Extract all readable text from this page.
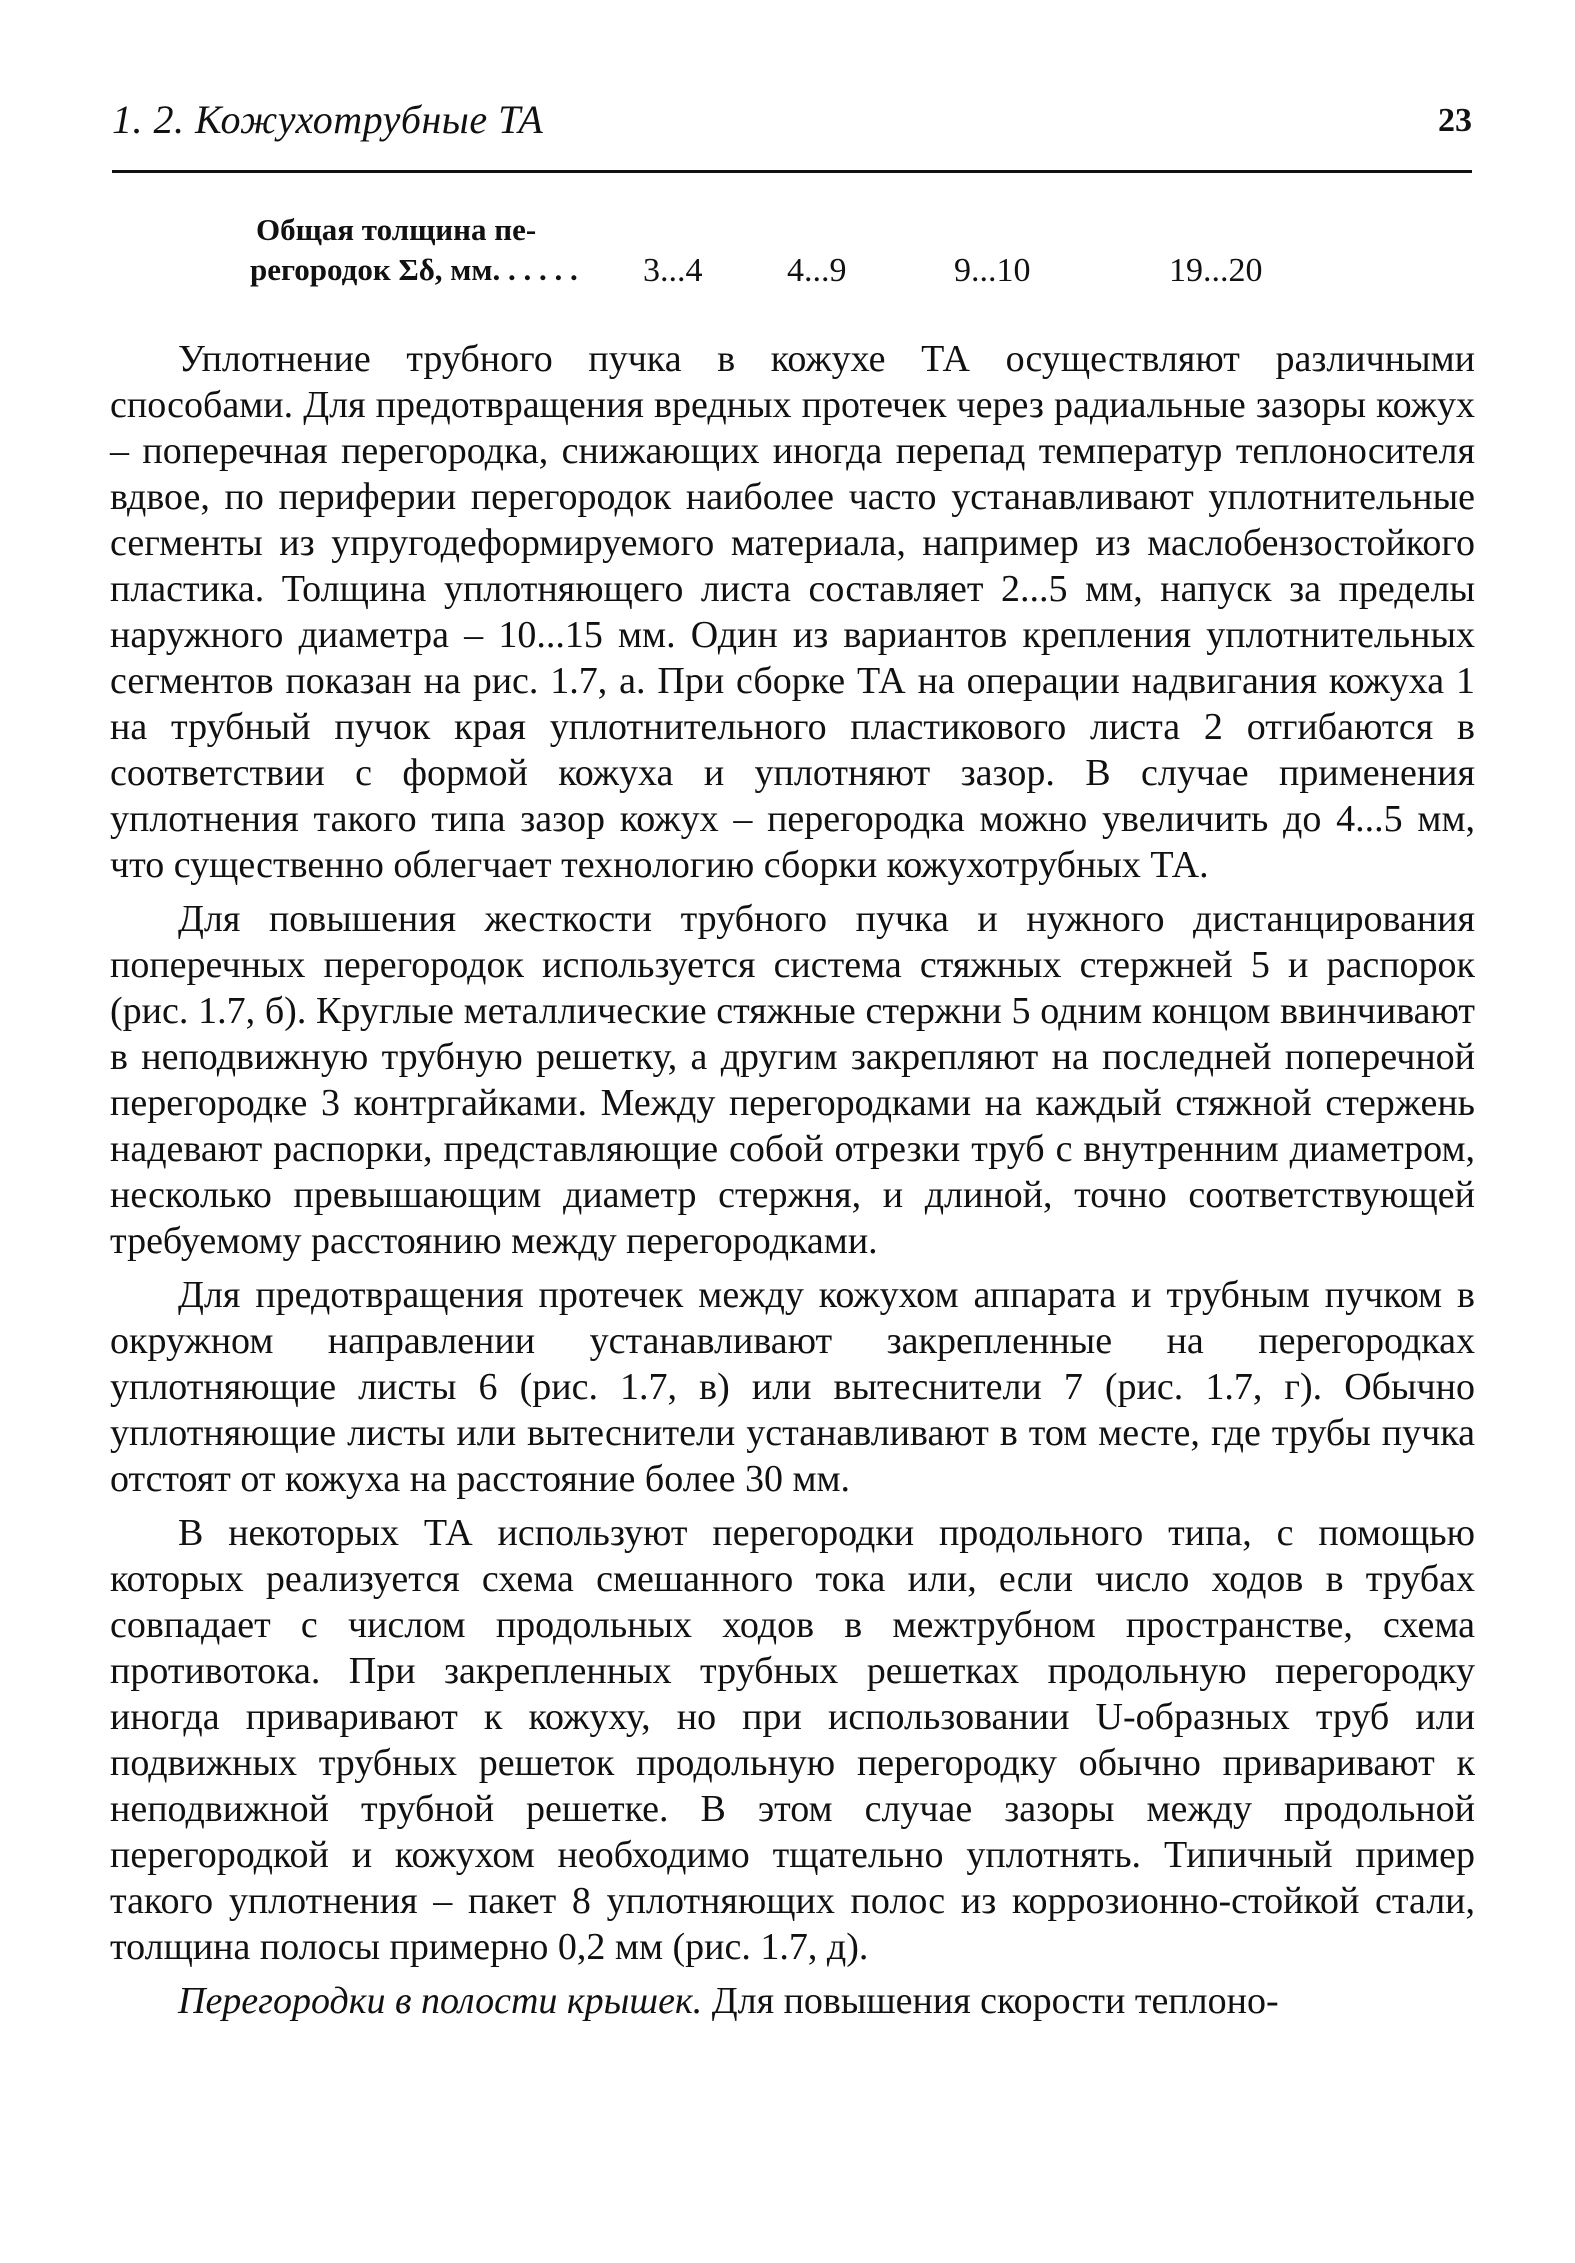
1. 2. Кожухотрубные ТА	23
Общая толщина пе-
регородок Σδ, мм. . . . . . 3...4 4...9	9...10	19...20

Уплотнение трубного пучка в кожухе ТА осуществляют различными способами. Для предотвращения вредных протечек через радиальные зазоры кожух – поперечная перегородка, снижающих иногда перепад температур теплоносителя вдвое, по периферии перегородок наиболее часто устанавливают уплотнительные сегменты из упругодеформируемого материала, например из маслобензостойкого пластика. Толщина уплотняющего листа составляет 2...5 мм, напуск за пределы наружного диаметра – 10...15 мм. Один из вариантов крепления уплотнительных сегментов показан на рис. 1.7, а. При сборке ТА на операции надвигания кожуха 1 на трубный пучок края уплотнительного пластикового листа 2 отгибаются в соответствии с формой кожуха и уплотняют зазор. В случае применения уплотнения такого типа зазор кожух – перегородка можно увеличить до 4...5 мм, что существенно облегчает технологию сборки кожухотрубных ТА.

Для повышения жесткости трубного пучка и нужного дистанцирования поперечных перегородок используется система стяжных стержней 5 и распорок (рис. 1.7, б). Круглые металлические стяжные стержни 5 одним концом ввинчивают в неподвижную трубную решетку, а другим закрепляют на последней поперечной перегородке 3 контргайками. Между перегородками на каждый стяжной стержень надевают распорки, представляющие собой отрезки труб с внутренним диаметром, несколько превышающим диаметр стержня, и длиной, точно соответствующей требуемому расстоянию между перегородками.

Для предотвращения протечек между кожухом аппарата и трубным пучком в окружном направлении устанавливают закрепленные на перегородках уплотняющие листы 6 (рис. 1.7, в) или вытеснители 7 (рис. 1.7, г). Обычно уплотняющие листы или вытеснители устанавливают в том месте, где трубы пучка отстоят от кожуха на расстояние более 30 мм.

В некоторых ТА используют перегородки продольного типа, с помощью которых реализуется схема смешанного тока или, если число ходов в трубах совпадает с числом продольных ходов в межтрубном пространстве, схема противотока. При закрепленных трубных решетках продольную перегородку иногда приваривают к кожуху, но при использовании U-образных труб или подвижных трубных решеток продольную перегородку обычно приваривают к неподвижной трубной решетке. В этом случае зазоры между продольной перегородкой и кожухом необходимо тщательно уплотнять. Типичный пример такого уплотнения – пакет 8 уплотняющих полос из коррозионно-стойкой стали, толщина полосы примерно 0,2 мм (рис. 1.7, д).

Перегородки в полости крышек. Для повышения скорости теплоно-
